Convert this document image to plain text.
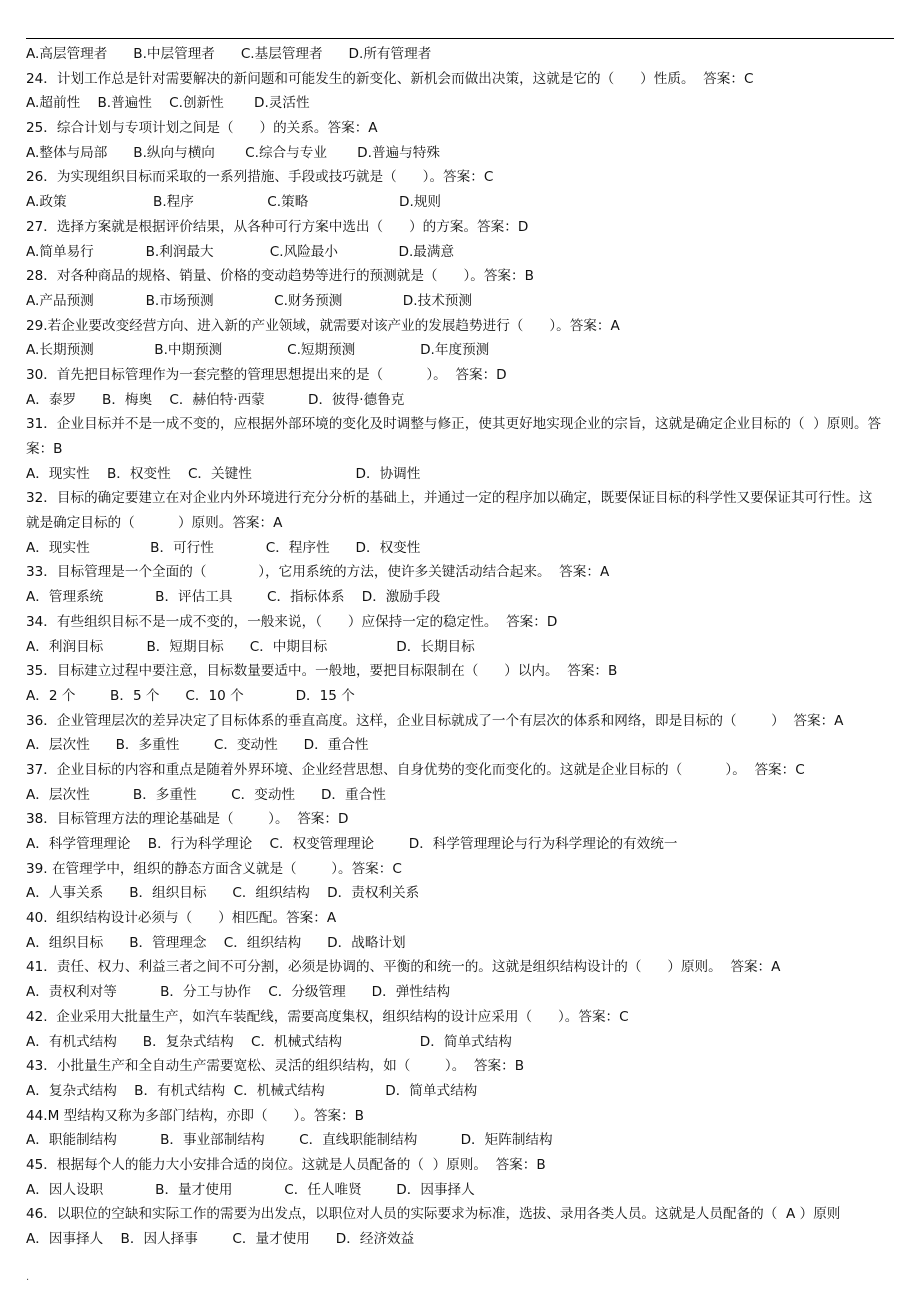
A.高层管理者      B.中层管理者      C.基层管理者      D.所有管理者
24．计划工作总是针对需要解决的新问题和可能发生的新变化、新机会而做出决策，这就是它的（      ）性质。  答案：C
A.超前性    B.普遍性    C.创新性       D.灵活性
25．综合计划与专项计划之间是（      ）的关系。答案：A
A.整体与局部      B.纵向与横向       C.综合与专业       D.普遍与特殊
26．为实现组织目标而采取的一系列措施、手段或技巧就是（      ）。答案：C
A.政策                    B.程序                 C.策略                     D.规则
27．选择方案就是根据评价结果，从各种可行方案中选出（      ）的方案。答案：D
A.简单易行            B.利润最大             C.风险最小              D.最满意
28．对各种商品的规格、销量、价格的变动趋势等进行的预测就是（      ）。答案：B
A.产品预测            B.市场预测              C.财务预测              D.技术预测
29.若企业要改变经营方向、进入新的产业领域，就需要对该产业的发展趋势进行（      ）。答案：A
A.长期预测              B.中期预测               C.短期预测               D.年度预测
30．首先把目标管理作为一套完整的管理思想提出来的是（          ）。  答案：D
A．泰罗      B．梅奥    C．赫伯特·西蒙          D．彼得·德鲁克
31．企业目标并不是一成不变的，应根据外部环境的变化及时调整与修正，使其更好地实现企业的宗旨，这就是确定企业目标的（  ）原则。答
案：B
A．现实性    B．权变性    C．关键性                        D．协调性
32．目标的确定要建立在对企业内外环境进行充分分析的基础上，并通过一定的程序加以确定，既要保证目标的科学性又要保证其可行性。这
就是确定目标的（          ）原则。答案：A
A．现实性              B．可行性            C．程序性      D．权变性
33．目标管理是一个全面的（            ），它用系统的方法，使许多关键活动结合起来。  答案：A
A．管理系统            B．评估工具        C．指标体系    D．激励手段
34．有些组织目标不是一成不变的，一般来说，（      ）应保持一定的稳定性。  答案：D
A．利润目标          B．短期目标      C．中期目标                D．长期目标
35．目标建立过程中要注意，目标数量要适中。一般地，要把目标限制在（      ）以内。  答案：B
A．2 个        B．5 个      C．10 个            D．15 个
36．企业管理层次的差异决定了目标体系的垂直高度。这样，企业目标就成了一个有层次的体系和网络，即是目标的（        ）  答案：A
A．层次性      B．多重性        C．变动性      D．重合性
37．企业目标的内容和重点是随着外界环境、企业经营思想、自身优势的变化而变化的。这就是企业目标的（          ）。  答案：C
A．层次性          B．多重性        C．变动性      D．重合性
38．目标管理方法的理论基础是（        ）。  答案：D
A．科学管理理论    B．行为科学理论    C．权变管理理论        D．科学管理理论与行为科学理论的有效统一
39. 在管理学中，组织的静态方面含义就是（        ）。答案：C
A．人事关系      B．组织目标      C．组织结构    D．责权利关系
40.  组织结构设计必须与（      ）相匹配。答案：A
A．组织目标      B．管理理念    C．组织结构      D．战略计划
41．责任、权力、利益三者之间不可分割，必须是协调的、平衡的和统一的。这就是组织结构设计的（      ）原则。  答案：A
A．责权利对等          B．分工与协作    C．分级管理      D．弹性结构
42.  企业采用大批量生产，如汽车装配线，需要高度集权，组织结构的设计应采用（      ）。答案：C
A．有机式结构      B．复杂式结构    C．机械式结构                  D．简单式结构
43．小批量生产和全自动生产需要宽松、灵活的组织结构，如（        ）。  答案：B
A．复杂式结构    B．有机式结构  C．机械式结构              D．简单式结构
44.M 型结构又称为多部门结构，亦即（      ）。答案：B
A．职能制结构          B．事业部制结构        C．直线职能制结构          D．矩阵制结构
45．根据每个人的能力大小安排合适的岗位。这就是人员配备的（  ）原则。  答案：B
A．因人设职            B．量才使用            C．任人唯贤        D．因事择人
46．以职位的空缺和实际工作的需要为出发点，以职位对人员的实际要求为标准，选拔、录用各类人员。这就是人员配备的（  A ）原则
A．因事择人    B．因人择事        C．量才使用      D．经济效益
.
